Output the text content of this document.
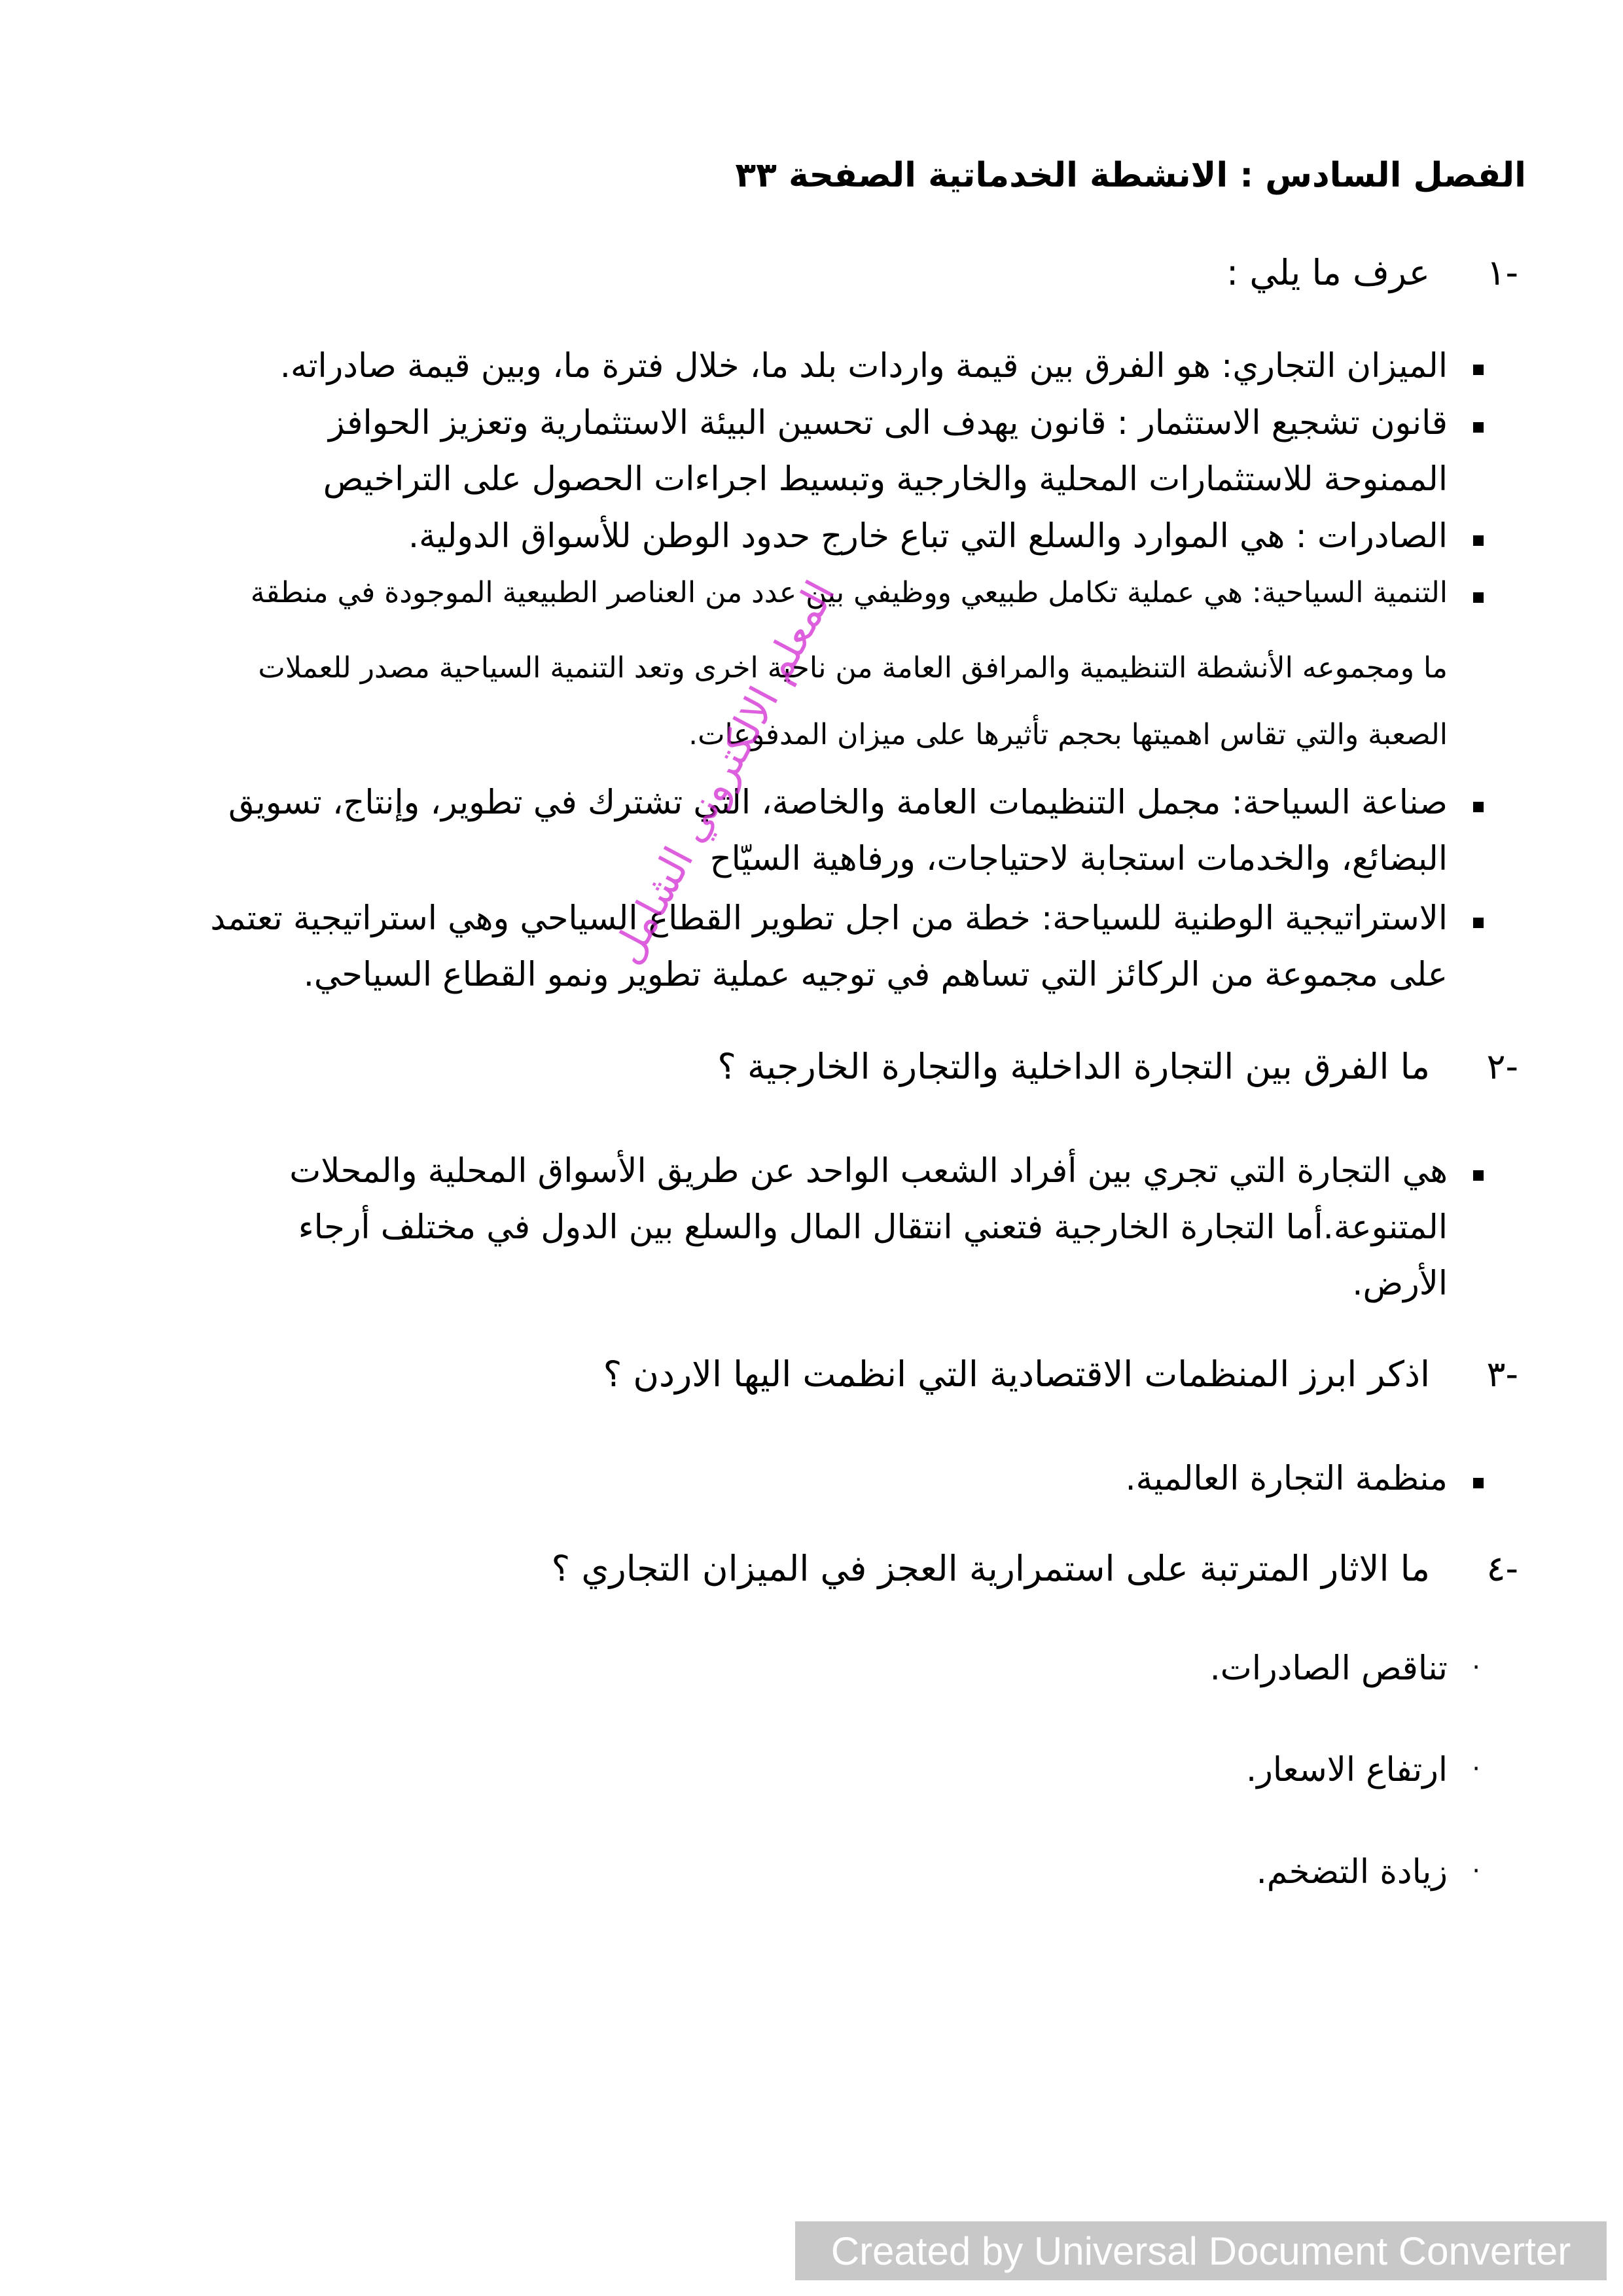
الفصل السادس : الانشطة الخدماتية الصفحة ٣٣
-١
عرف ما يلي :
الميزان التجاري: هو الفرق بين قيمة واردات بلد ما، خلال فترة ما، وبين قيمة صادراته.
قانون تشجيع الاستثمار : قانون يهدف الى تحسين البيئة الاستثمارية وتعزيز الحوافز
الممنوحة للاستثمارات المحلية والخارجية وتبسيط اجراءات الحصول على التراخيص
الصادرات : هي الموارد والسلع التي تباع خارج حدود الوطن للأسواق الدولية.
التنمية السياحية: هي عملية تكامل طبيعي ووظيفي بين عدد من العناصر الطبيعية الموجودة في منطقة
ما ومجموعه الأنشطة التنظيمية والمرافق العامة من ناحية اخرى وتعد التنمية السياحية مصدر للعملات
الصعبة والتي تقاس اهميتها بحجم تأثيرها على ميزان المدفوعات.
صناعة السياحة: مجمل التنظيمات العامة والخاصة، التي تشترك في تطوير، وإنتاج، تسويق
البضائع، والخدمات استجابة لاحتياجات، ورفاهية السيّاح
الاستراتيجية الوطنية للسياحة: خطة من اجل تطوير القطاع السياحي وهي استراتيجية تعتمد
على مجموعة من الركائز التي تساهم في توجيه عملية تطوير ونمو القطاع السياحي.
-٢
ما الفرق بين التجارة الداخلية والتجارة الخارجية ؟
هي التجارة التي تجري بين أفراد الشعب الواحد عن طريق الأسواق المحلية والمحلات
المتنوعة.أما التجارة الخارجية فتعني انتقال المال والسلع بين الدول في مختلف أرجاء
الأرض.
-٣
اذكر ابرز المنظمات الاقتصادية التي انظمت اليها الاردن ؟
منظمة التجارة العالمية.
-٤
ما الاثار المترتبة على استمرارية العجز في الميزان التجاري ؟
·
تناقص الصادرات.
·
ارتفاع الاسعار.
·
زيادة التضخم.
المعلم الالكتروني الشامل
Created by Universal Document Converter
